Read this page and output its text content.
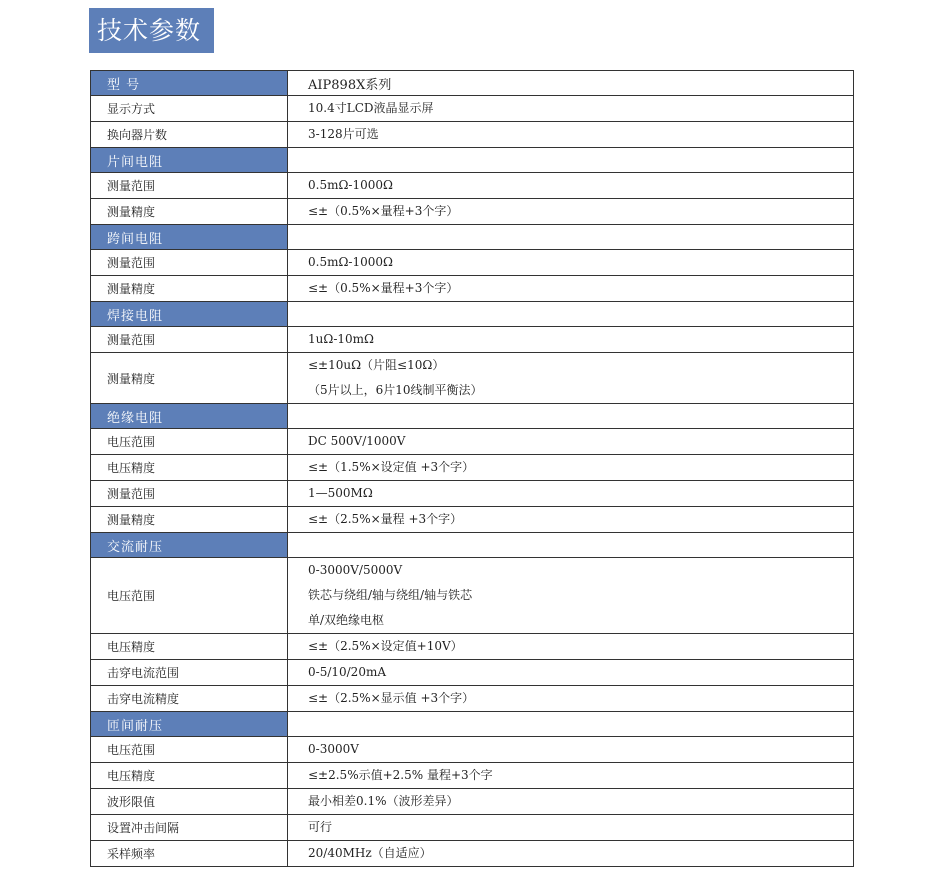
技术参数
型 号	AIP898X系列
显示方式	10.4寸LCD液晶显示屏

换向器片数	3-128片可选

片间电阻	
测量范围	0.5mΩ-1000Ω

测量精度	≤±（0.5%×量程+3个字）

跨间电阻	
测量范围	0.5mΩ-1000Ω

测量精度	≤±（0.5%×量程+3个字）

焊接电阻	
测量范围	1uΩ-10mΩ

测量精度	≤±10uΩ（片阻≤10Ω）
（5片以上，6片10线制平衡法）

绝缘电阻	
电压范围	DC 500V/1000V

电压精度	≤±（1.5%×设定值 +3个字）

测量范围	1—500MΩ

测量精度	≤±（2.5%×量程 +3个字）

交流耐压	
电压范围	0-3000V/5000V
铁芯与绕组/轴与绕组/轴与铁芯
单/双绝缘电枢

电压精度	≤±（2.5%×设定值+10V）

击穿电流范围	0-5/10/20mA

击穿电流精度	≤±（2.5%×显示值 +3个字）

匝间耐压	
电压范围	0-3000V

电压精度	≤±2.5%示值+2.5% 量程+3个字

波形限值	最小相差0.1%（波形差异）

设置冲击间隔	可行

采样频率	20/40MHz（自适应）
